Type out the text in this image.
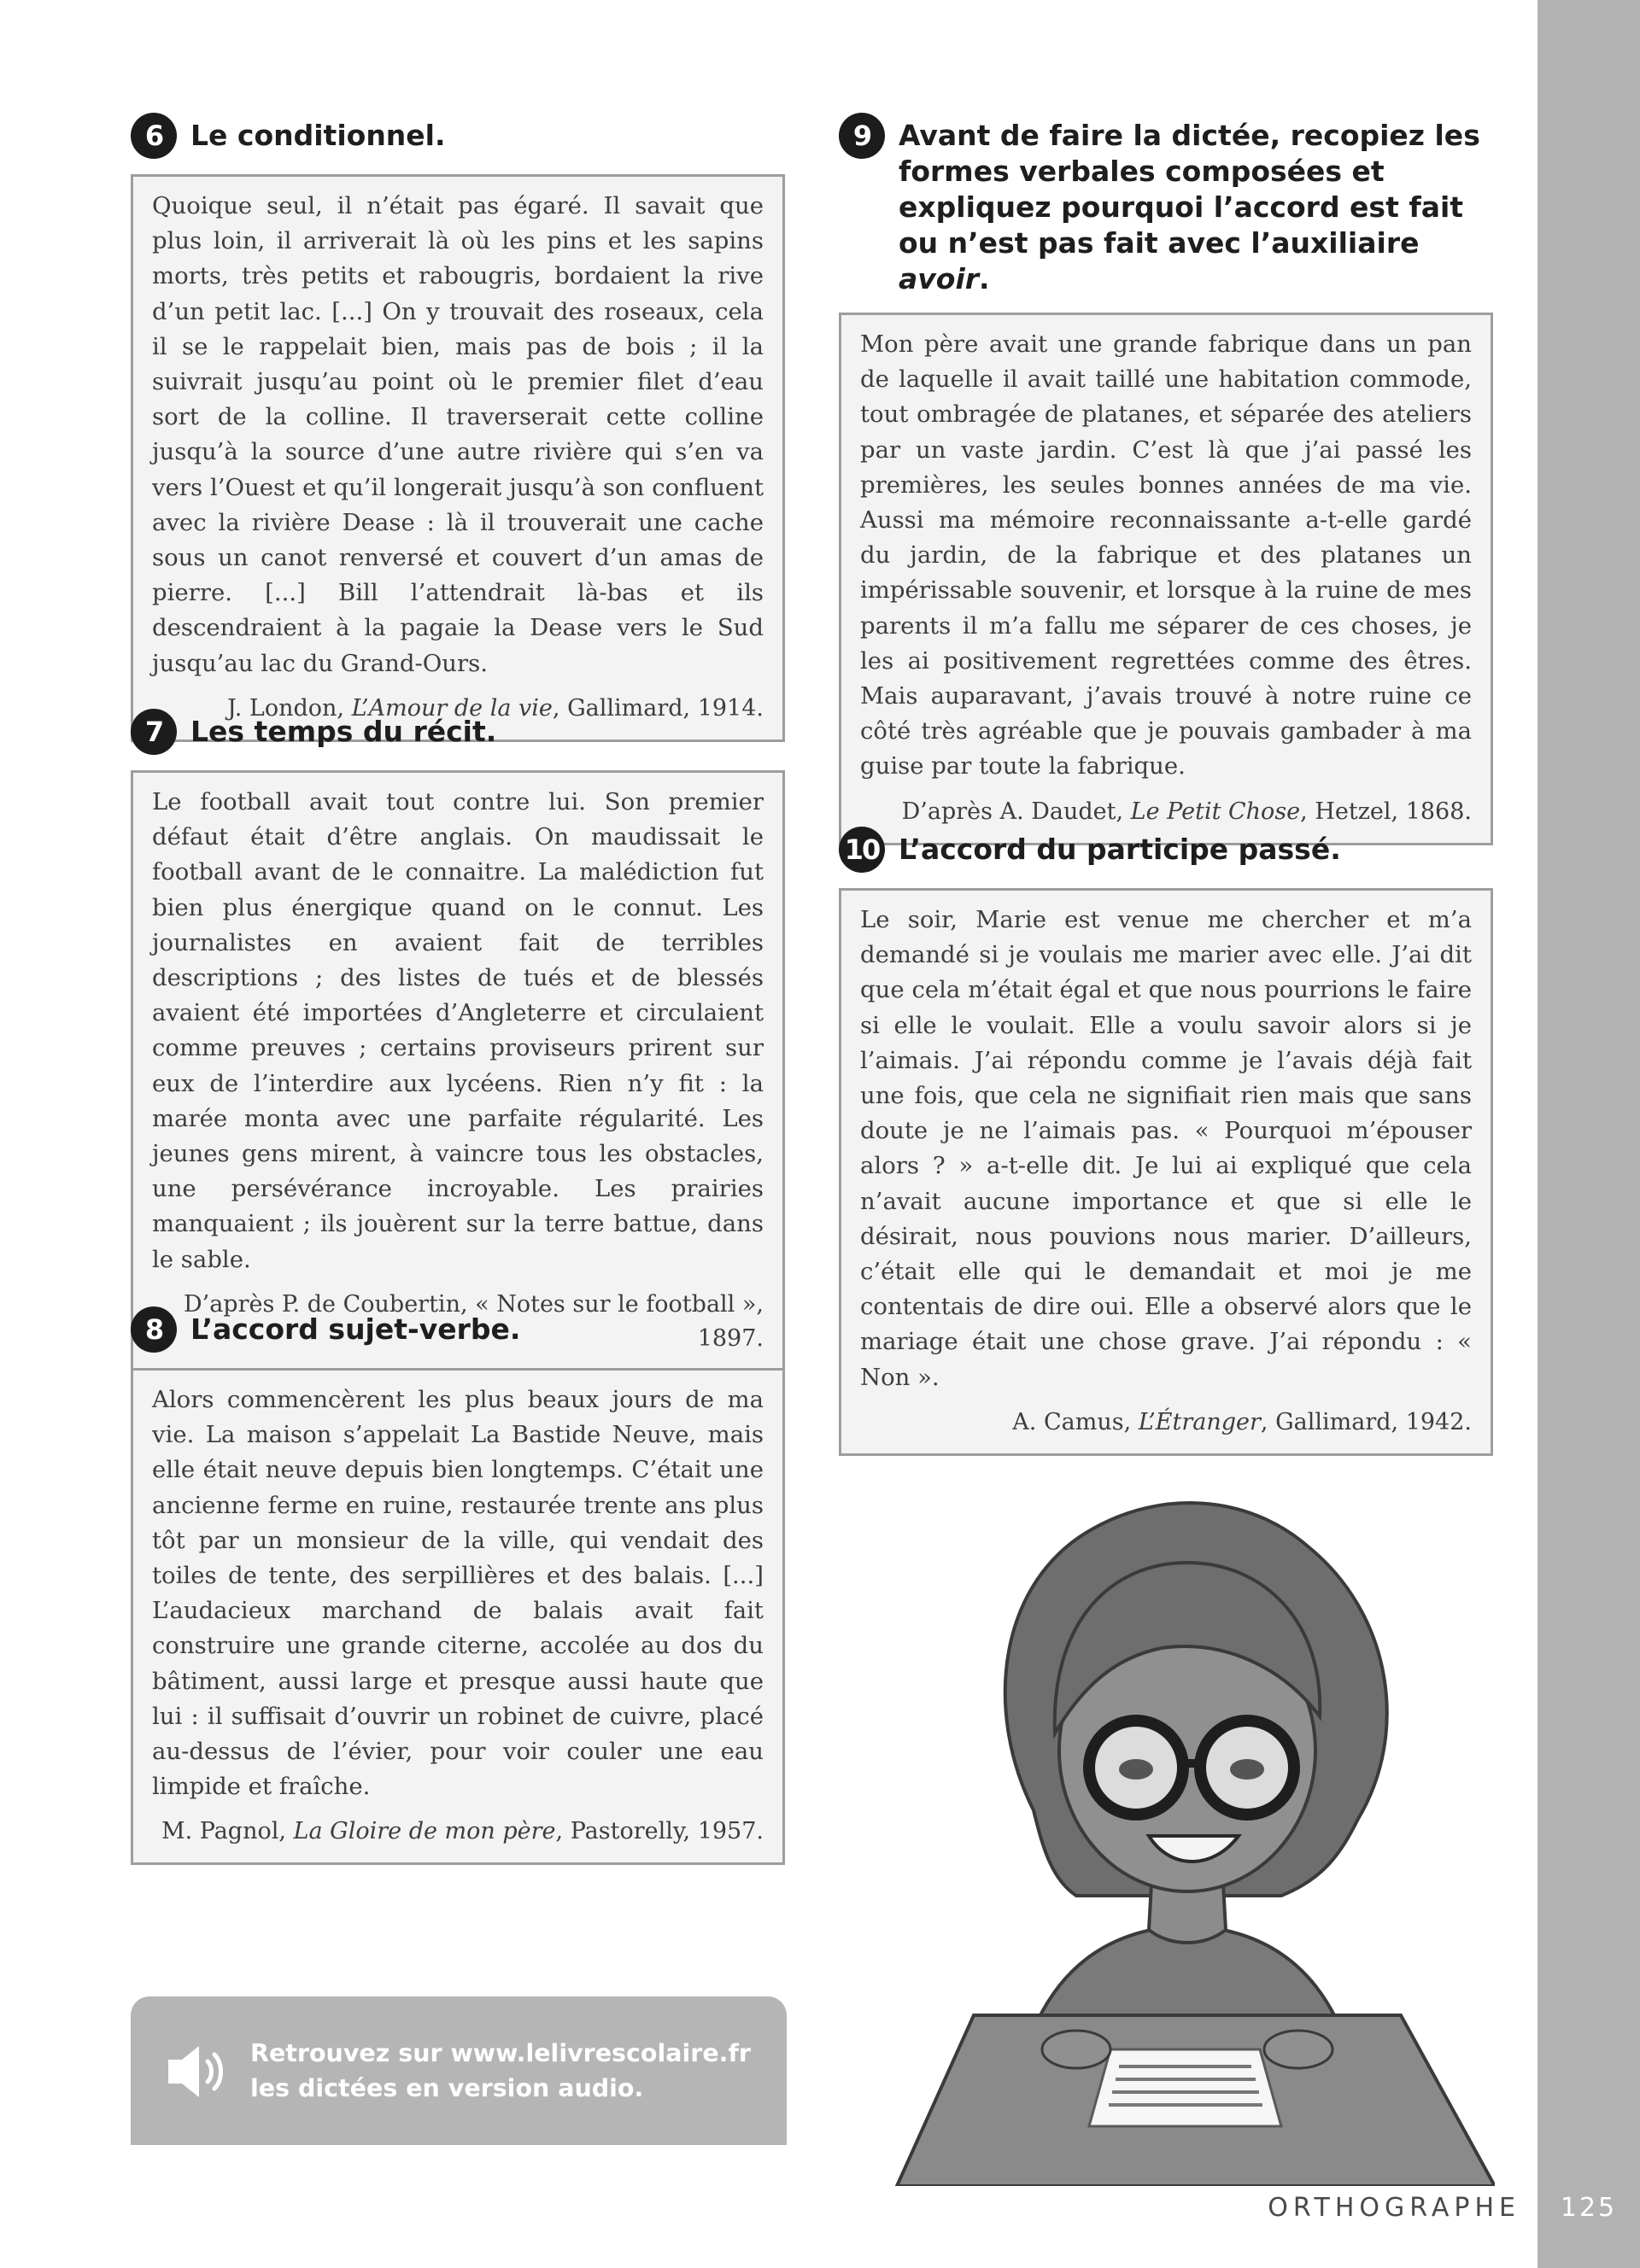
6 Le conditionnel.

Quoique seul, il n’était pas égaré. Il savait que plus loin, il arriverait là où les pins et les sapins morts, très petits et rabougris, bordaient la rive d’un petit lac. [...] On y trouvait des roseaux, cela il se le rappelait bien, mais pas de bois ; il la suivrait jusqu’au point où le premier filet d’eau sort de la colline. Il traverserait cette colline jusqu’à la source d’une autre rivière qui s’en va vers l’Ouest et qu’il longerait jusqu’à son confluent avec la rivière Dease : là il trouverait une cache sous un canot renversé et couvert d’un amas de pierre. [...] Bill l’attendrait là-bas et ils descendraient à la pagaie la Dease vers le Sud jusqu’au lac du Grand-Ours.

J. London, L’Amour de la vie, Gallimard, 1914.
7 Les temps du récit.

Le football avait tout contre lui. Son premier défaut était d’être anglais. On maudissait le football avant de le connaitre. La malédiction fut bien plus énergique quand on le connut. Les journalistes en avaient fait de terribles descriptions ; des listes de tués et de blessés avaient été importées d’Angleterre et circulaient comme preuves ; certains proviseurs prirent sur eux de l’interdire aux lycéens. Rien n’y fit : la marée monta avec une parfaite régularité. Les jeunes gens mirent, à vaincre tous les obstacles, une persévérance incroyable. Les prairies manquaient ; ils jouèrent sur la terre battue, dans le sable.

D’après P. de Coubertin, « Notes sur le football », 1897.
8 L’accord sujet-verbe.

Alors commencèrent les plus beaux jours de ma vie. La maison s’appelait La Bastide Neuve, mais elle était neuve depuis bien longtemps. C’était une ancienne ferme en ruine, restaurée trente ans plus tôt par un monsieur de la ville, qui vendait des toiles de tente, des serpillières et des balais. [...] L’audacieux marchand de balais avait fait construire une grande citerne, accolée au dos du bâtiment, aussi large et presque aussi haute que lui : il suffisait d’ouvrir un robinet de cuivre, placé au-dessus de l’évier, pour voir couler une eau limpide et fraîche.

M. Pagnol, La Gloire de mon père, Pastorelly, 1957.
9 Avant de faire la dictée, recopiez les formes verbales composées et expliquez pourquoi l’accord est fait ou n’est pas fait avec l’auxiliaire avoir.

Mon père avait une grande fabrique dans un pan de laquelle il avait taillé une habitation commode, tout ombragée de platanes, et séparée des ateliers par un vaste jardin. C’est là que j’ai passé les premières, les seules bonnes années de ma vie. Aussi ma mémoire reconnaissante a-t-elle gardé du jardin, de la fabrique et des platanes un impérissable souvenir, et lorsque à la ruine de mes parents il m’a fallu me séparer de ces choses, je les ai positivement regrettées comme des êtres. Mais auparavant, j’avais trouvé à notre ruine ce côté très agréable que je pouvais gambader à ma guise par toute la fabrique.

D’après A. Daudet, Le Petit Chose, Hetzel, 1868.
10 L’accord du participe passé.

Le soir, Marie est venue me chercher et m’a demandé si je voulais me marier avec elle. J’ai dit que cela m’était égal et que nous pourrions le faire si elle le voulait. Elle a voulu savoir alors si je l’aimais. J’ai répondu comme je l’avais déjà fait une fois, que cela ne signifiait rien mais que sans doute je ne l’aimais pas. « Pourquoi m’épouser alors ? » a-t-elle dit. Je lui ai expliqué que cela n’avait aucune importance et que si elle le désirait, nous pouvions nous marier. D’ailleurs, c’était elle qui le demandait et moi je me contentais de dire oui. Elle a observé alors que le mariage était une chose grave. J’ai répondu : « Non ».

A. Camus, L’Étranger, Gallimard, 1942.
Retrouvez sur www.lelivrescolaire.fr les dictées en version audio.
ORTHOGRAPHE	125
